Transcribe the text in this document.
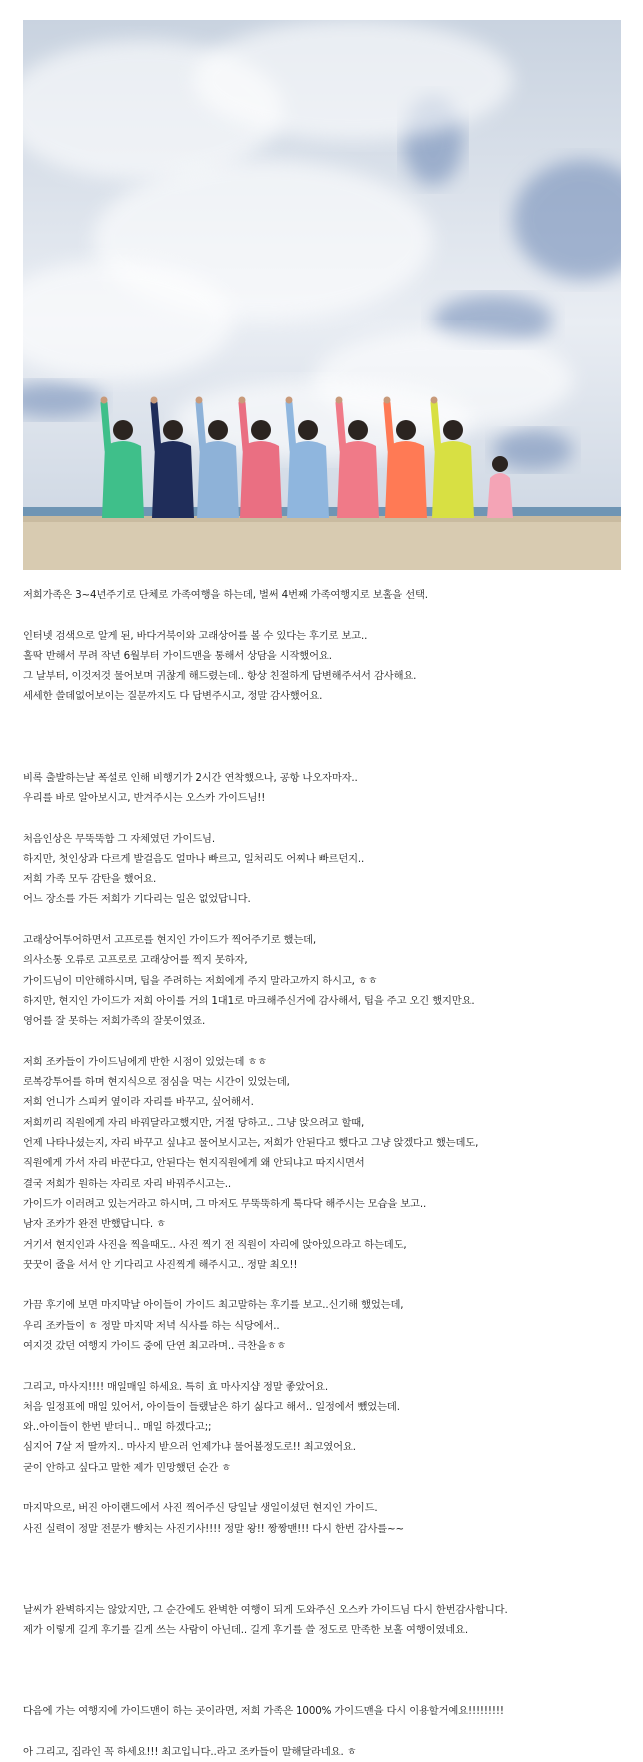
저희가족은 3~4년주기로 단체로 가족여행을 하는데, 벌써 4번째 가족여행지로 보홀을 선택.
인터넷 검색으로 알게 된, 바다거북이와 고래상어를 볼 수 있다는 후기로 보고..
홀딱 반해서 무려 작년 6월부터 가이드맨을 통해서 상담을 시작했어요.
그 날부터, 이것저것 물어보며 귀찮게 해드렸는데.. 항상 친절하게 답변해주셔서 감사해요.
세세한 쓸데없어보이는 질문까지도 다 답변주시고, 정말 감사했어요.
비록 출발하는날 폭설로 인해 비행기가 2시간 연착했으나, 공항 나오자마자..
우리를 바로 알아보시고, 반겨주시는 오스카 가이드님!!
처음인상은 무뚝뚝함 그 자체였던 가이드님.
하지만, 첫인상과 다르게 발걸음도 얼마나 빠르고, 일처리도 어찌나 빠르던지..
저희 가족 모두 감탄을 했어요.
어느 장소를 가든 저희가 기다리는 일은 없었답니다.
고래상어투어하면서 고프로를 현지인 가이드가 찍어주기로 했는데,
의사소통 오류로 고프로로 고래상어를 찍지 못하자,
가이드님이 미안해하시며, 팁을 주려하는 저희에게 주지 말라고까지 하시고, ㅎㅎ
하지만, 현지인 가이드가 저희 아이를 거의 1대1로 마크해주신거에 감사해서, 팁을 주고 오긴 했지만요.
영어를 잘 못하는 저희가족의 잘못이였죠.
저희 조카들이 가이드님에게 반한 시점이 있었는데 ㅎㅎ
로복강투어를 하며 현지식으로 점심을 먹는 시간이 있었는데,
저희 언니가 스피커 옆이라 자리를 바꾸고, 싶어해서.
저희끼리 직원에게 자리 바꿔달라고했지만, 거절 당하고.. 그냥 앉으려고 할때,
언제 나타나셨는지, 자리 바꾸고 싶냐고 물어보시고는, 저희가 안된다고 했다고 그냥 앉겠다고 했는데도,
직원에게 가서 자리 바꾼다고, 안된다는 현지직원에게 왜 안되냐고 따지시면서
결국 저희가 원하는 자리로 자리 바꿔주시고는..
가이드가 이러려고 있는거라고 하시며, 그 마저도 무뚝뚝하게 툭다닥 해주시는 모습을 보고..
남자 조카가 완전 반했답니다. ㅎ
거기서 현지인과 사진을 찍을때도.. 사진 찍기 전 직원이 자리에 앉아있으라고 하는데도,
꿋꿋이 줄을 서서 안 기다리고 사진찍게 해주시고.. 정말 최오!!
가끔 후기에 보면 마지막날 아이들이 가이드 최고말하는 후기를 보고..신기해 했었는데,
우리 조카들이 ㅎ 정말 마지막 저녁 식사를 하는 식당에서..
여지것 갔던 여행지 가이드 중에 단연 최고라며.. 극찬을ㅎㅎ
그리고, 마사지!!!! 매일매일 하세요. 특히 효 마사지샵 정말 좋았어요.
처음 일정표에 매일 있어서, 아이들이 들랬날은 하기 싫다고 해서.. 일정에서 뺐었는데.
와..아이들이 한번 받더니.. 매일 하겠다고;;
심지어 7살 저 딸까지.. 마사지 받으러 언제가냐 물어볼정도로!! 최고였어요.
굳이 안하고 싶다고 말한 제가 민망했던 순간 ㅎ
마지막으로, 버진 아이랜드에서 사진 찍어주신 당일날 생일이셨던 현지인 가이드.
사진 실력이 정말 전문가 뺨치는 사진기사!!!! 정말 왕!! 짱짱맨!!! 다시 한번 감사를~~
날씨가 완벽하지는 않았지만, 그 순간에도 완벽한 여행이 되게 도와주신 오스카 가이드님 다시 한번감사합니다.
제가 이렇게 길게 후기를 길게 쓰는 사람이 아닌데.. 길게 후기를 쓸 정도로 만족한 보홀 여행이였네요.
다음에 가는 여행지에 가이드맨이 하는 곳이라면, 저희 가족은 1000% 가이드맨을 다시 이용할거예요!!!!!!!!!
아 그리고, 집라인 꼭 하세요!!! 최고입니다..라고 조카들이 말해달라네요. ㅎ
